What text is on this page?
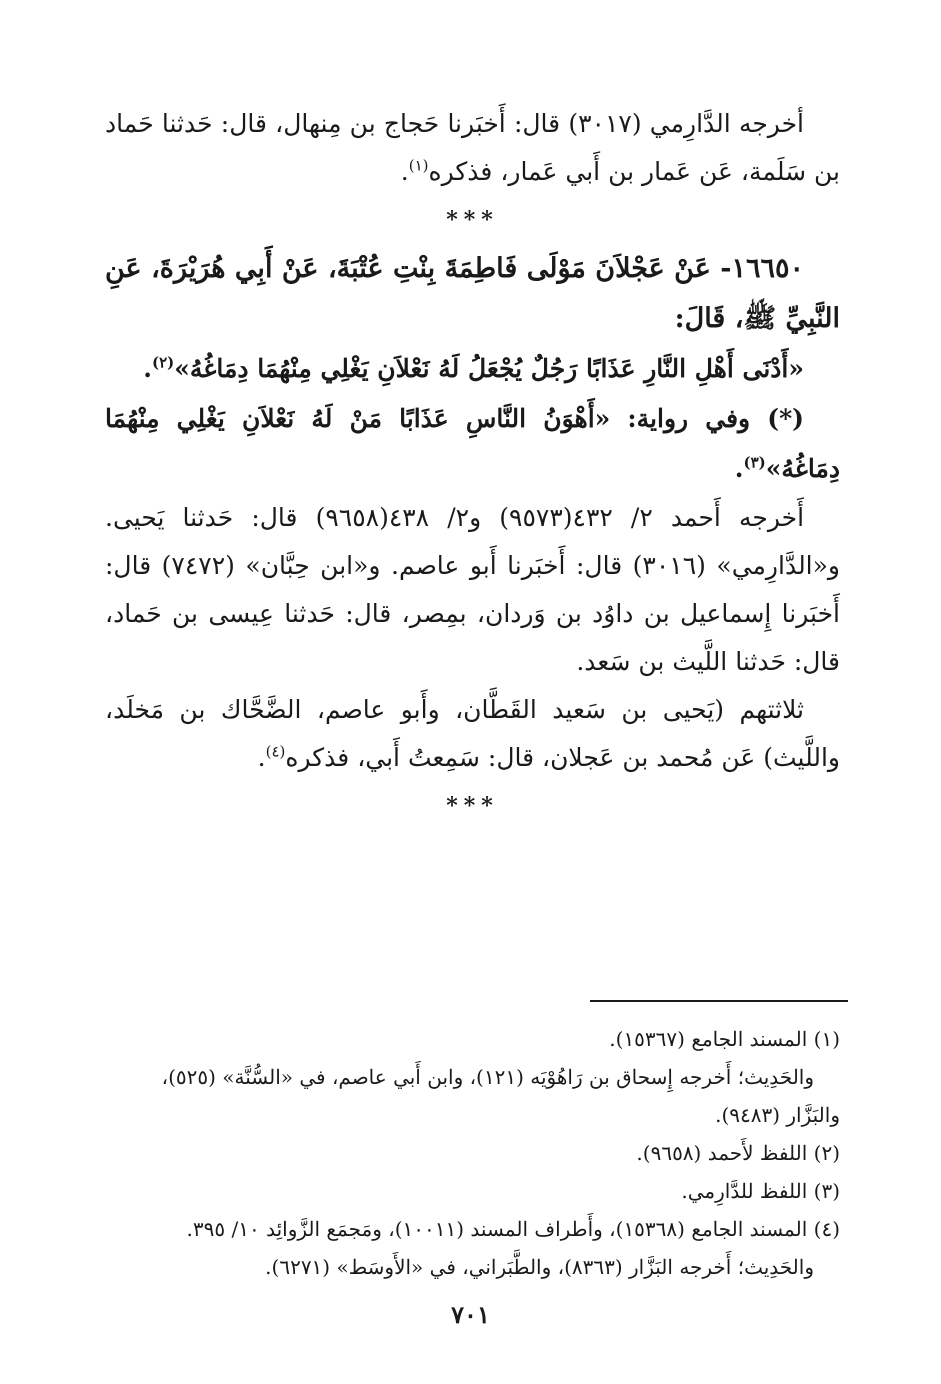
أخرجه الدَّارِمي (٣٠١٧) قال: أَخبَرنا حَجاج بن مِنهال، قال: حَدثنا حَماد بن سَلَمة، عَن عَمار بن أَبي عَمار، فذكره$^{(١)}$.

***

١٦٦٥٠- عَنْ عَجْلاَنَ مَوْلَى فَاطِمَةَ بِنْتِ عُتْبَةَ، عَنْ أَبِي هُرَيْرَةَ، عَنِ النَّبِيِّ ﷺ، قَالَ:

«أَدْنَى أَهْلِ النَّارِ عَذَابًا رَجُلٌ يُجْعَلُ لَهُ نَعْلاَنِ يَغْلِي مِنْهُمَا دِمَاغُهُ»$^{(٢)}$.

(*) وفي رواية: «أَهْوَنُ النَّاسِ عَذَابًا مَنْ لَهُ نَعْلاَنِ يَغْلِي مِنْهُمَا دِمَاغُهُ»$^{(٣)}$.

أَخرجه أَحمد ٢/ ٤٣٢(٩٥٧٣) و٢/ ٤٣٨(٩٦٥٨) قال: حَدثنا يَحيى. و«الدَّارِمي» (٣٠١٦) قال: أَخبَرنا أَبو عاصم. و«ابن حِبَّان» (٧٤٧٢) قال: أَخبَرنا إِسماعيل بن داوُد بن وَردان، بمِصر، قال: حَدثنا عِيسى بن حَماد، قال: حَدثنا اللَّيث بن سَعد.

ثلاثتهم (يَحيى بن سَعيد القَطَّان، وأَبو عاصم، الضَّحَّاك بن مَخلَد، واللَّيث) عَن مُحمد بن عَجلان، قال: سَمِعتُ أَبي، فذكره$^{(٤)}$.

***

(١) المسند الجامع (١٥٣٦٧).

والحَدِيث؛ أَخرجه إِسحاق بن رَاهُوْيَه (١٢١)، وابن أَبي عاصم، في «السُّنَّة» (٥٢٥)، والبَزَّار (٩٤٨٣).

(٢) اللفظ لأَحمد (٩٦٥٨).

(٣) اللفظ للدَّارِمي.

(٤) المسند الجامع (١٥٣٦٨)، وأَطراف المسند (١٠٠١١)، ومَجمَع الزَّوائِد ١٠/ ٣٩٥.

والحَدِيث؛ أَخرجه البَزَّار (٨٣٦٣)، والطَّبَراني، في «الأَوسَط» (٦٢٧١).

٧٠١
